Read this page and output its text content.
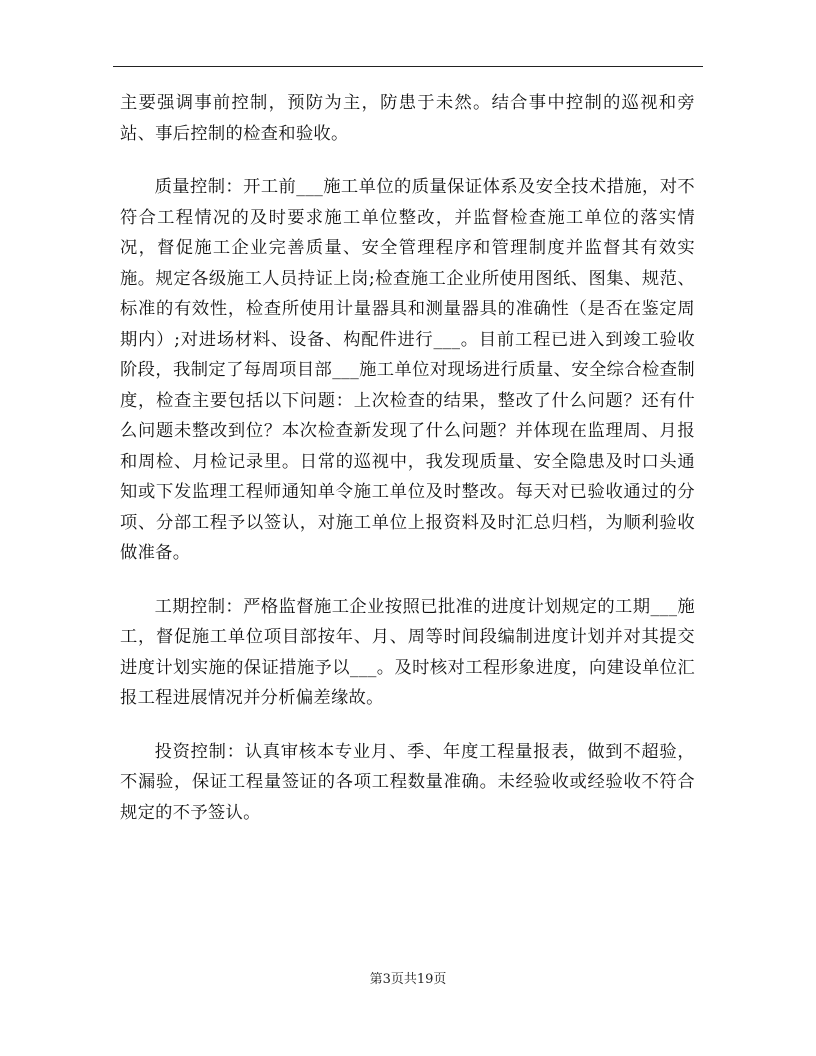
主要强调事前控制，预防为主，防患于未然。结合事中控制的巡视和旁站、事后控制的检查和验收。

质量控制：开工前___施工单位的质量保证体系及安全技术措施，对不符合工程情况的及时要求施工单位整改，并监督检查施工单位的落实情况，督促施工企业完善质量、安全管理程序和管理制度并监督其有效实施。规定各级施工人员持证上岗;检查施工企业所使用图纸、图集、规范、标准的有效性，检查所使用计量器具和测量器具的准确性（是否在鉴定周期内）;对进场材料、设备、构配件进行___。目前工程已进入到竣工验收阶段，我制定了每周项目部___施工单位对现场进行质量、安全综合检查制度，检查主要包括以下问题：上次检查的结果，整改了什么问题？还有什么问题未整改到位？本次检查新发现了什么问题？并体现在监理周、月报和周检、月检记录里。日常的巡视中，我发现质量、安全隐患及时口头通知或下发监理工程师通知单令施工单位及时整改。每天对已验收通过的分项、分部工程予以签认，对施工单位上报资料及时汇总归档，为顺利验收做准备。

工期控制：严格监督施工企业按照已批准的进度计划规定的工期___施工，督促施工单位项目部按年、月、周等时间段编制进度计划并对其提交进度计划实施的保证措施予以___。及时核对工程形象进度，向建设单位汇报工程进展情况并分析偏差缘故。

投资控制：认真审核本专业月、季、年度工程量报表，做到不超验，不漏验，保证工程量签证的各项工程数量准确。未经验收或经验收不符合规定的不予签认。

第3页共19页
